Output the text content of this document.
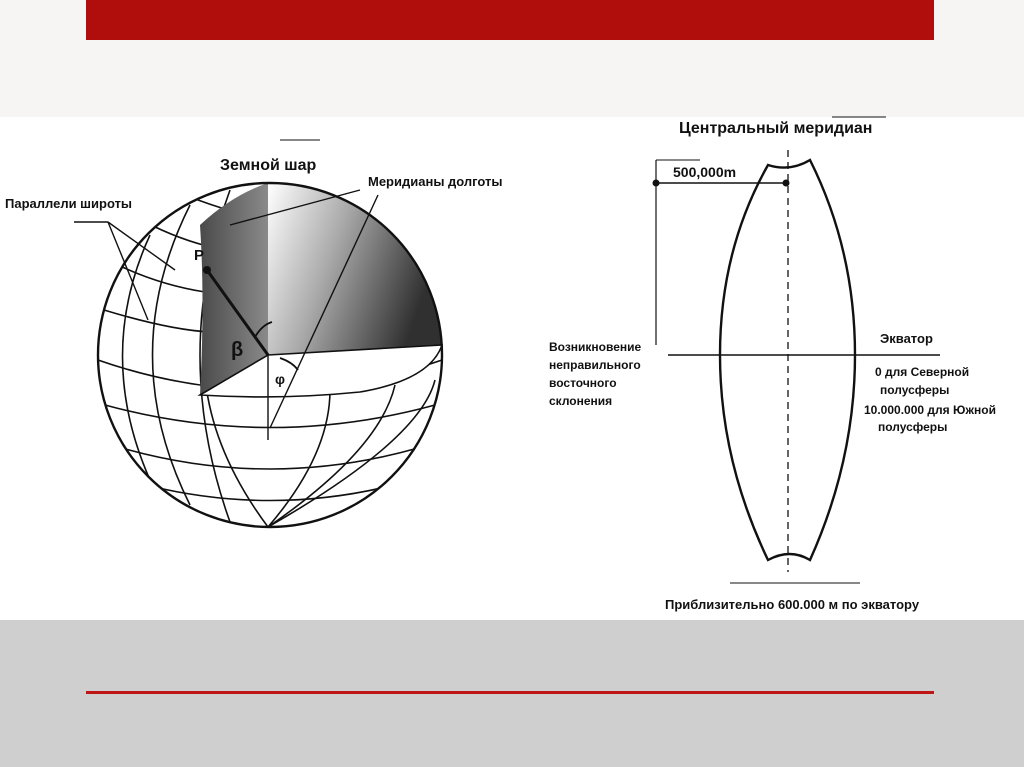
Земной шар
Параллели широты
Меридианы долготы
P
β
φ
Центральный меридиан
500,000m
Возникновение неправильного восточного склонения
Экватор
0 для Северной полусферы
10.000.000 для Южной полусферы
Приблизительно 600.000 м по экватору
